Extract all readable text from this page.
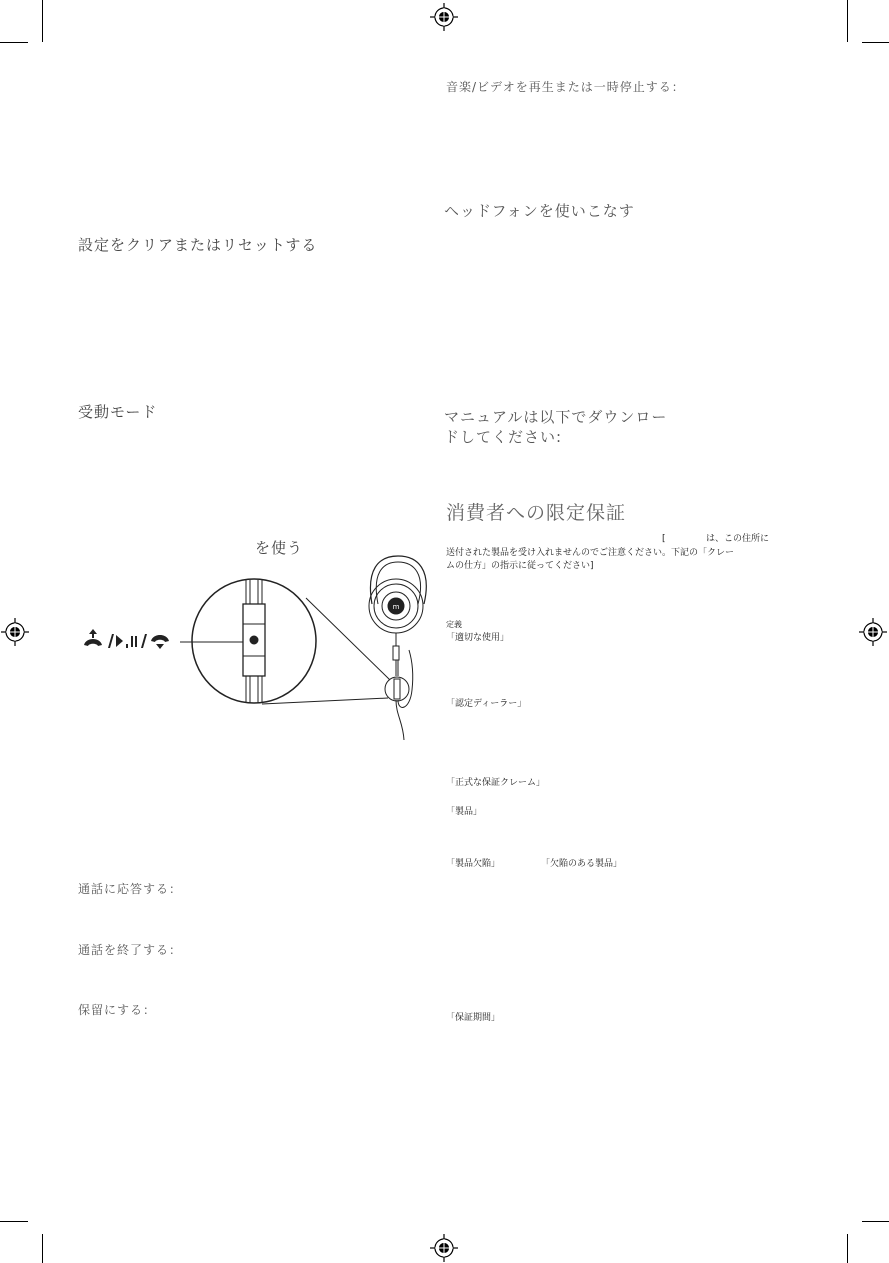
m
設定をクリアまたはリセットする
受動モード
を使う
通話に応答する：
通話を終了する：
保留にする：
音楽/ビデオを再生または一時停止する：
ヘッドフォンを使いこなす
マニュアルは以下でダウンロー
ドしてください:
消費者への限定保証
[	は、この住所に
送付された製品を受け入れませんのでご注意ください。下記の「クレー
ムの仕方」の指示に従ってください]
定義
「適切な使用」
「認定ディーラー」
「正式な保証クレーム」
「製品」
「製品欠陥」	「欠陥のある製品」
「保証期間」
